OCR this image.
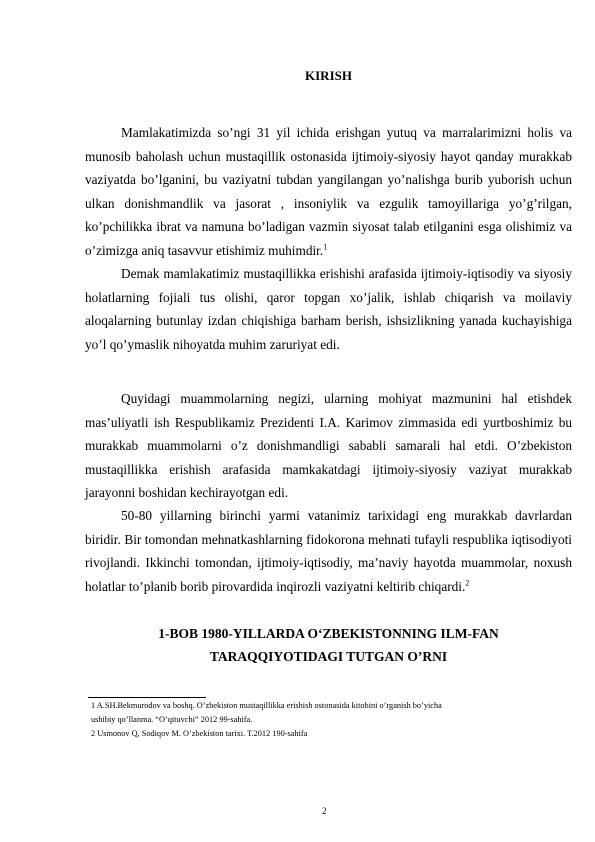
KIRISH

Mamlakatimizda so’ngi 31 yil ichida erishgan yutuq va marralarimizni holis va munosib baholash uchun mustaqillik ostonasida ijtimoiy-siyosiy hayot qanday murakkab vaziyatda bo’lganini, bu vaziyatni tubdan yangilangan yo’nalishga burib yuborish uchun ulkan donishmandlik va jasorat , insoniylik va ezgulik tamoyillariga yo’g’rilgan, ko’pchilikka ibrat va namuna bo’ladigan vazmin siyosat talab etilganini esga olishimiz va o’zimizga aniq tasavvur etishimiz muhimdir.$^1$

Demak mamlakatimiz mustaqillikka erishishi arafasida ijtimoiy-iqtisodiy va siyosiy holatlarning fojiali tus olishi, qaror topgan xo’jalik, ishlab chiqarish va moilaviy aloqalarning butunlay izdan chiqishiga barham berish, ishsizlikning yanada kuchayishiga yo’l qo’ymaslik nihoyatda muhim zaruriyat edi.

Quyidagi muammolarning negizi, ularning mohiyat mazmunini hal etishdek mas’uliyatli ish Respublikamiz Prezidenti I.A. Karimov zimmasida edi yurtboshimiz bu murakkab muammolarni o’z donishmandligi sababli samarali hal etdi. O’zbekiston mustaqillikka erishish arafasida mamkakatdagi ijtimoiy-siyosiy vaziyat murakkab jarayonni boshidan kechirayotgan edi.

50-80 yillarning birinchi yarmi vatanimiz tarixidagi eng murakkab davrlardan biridir. Bir tomondan mehnatkashlarning fidokorona mehnati tufayli respublika iqtisodiyoti rivojlandi. Ikkinchi tomondan, ijtimoiy-iqtisodiy, ma’naviy hayotda muammolar, noxush holatlar to’planib borib pirovardida inqirozli vaziyatni keltirib chiqardi.$^2$

1-BOB 1980-YILLARDA O‘ZBEKISTONNING ILM-FAN
TARAQQIYOTIDAGI TUTGAN O’RNI
1 A.SH.Bekmurodov va boshq. O’zbekiston mustaqillikka erishish ostonasida kitobini o’rganish bo’yicha
ushibiy qo’llanma. “O’qituvchi” 2012 99-sahifa.
2 Usmonov Q, Sodiqov M. O’zbekiston tarixi. T.2012 190-sahifa
2
